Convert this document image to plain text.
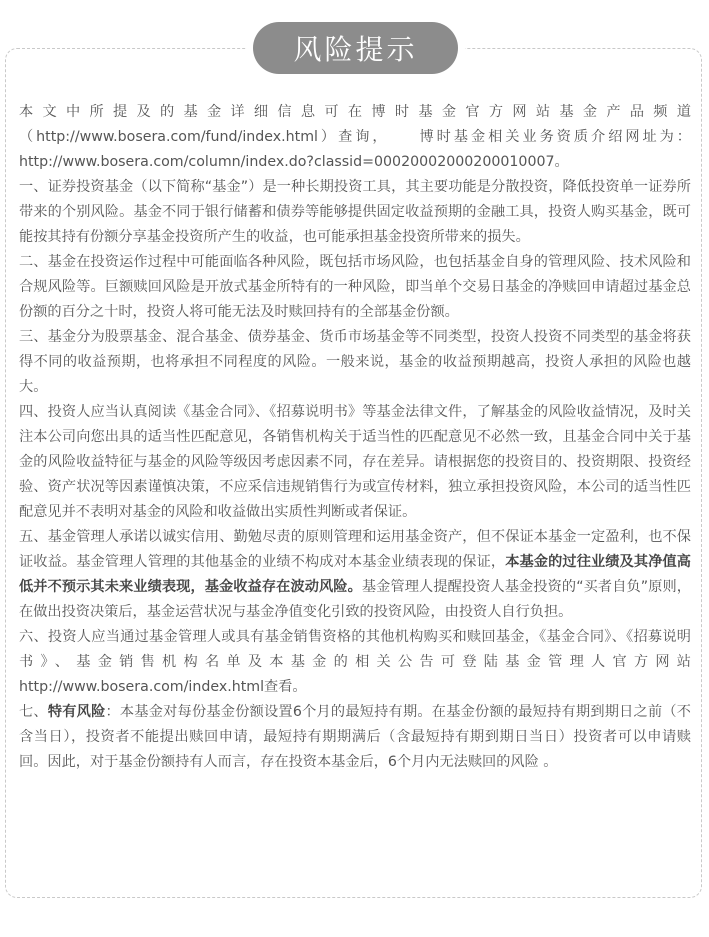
风险提示

本文中所提及的基金详细信息可在博时基金官方网站基金产品频道（http://www.bosera.com/fund/index.html）查询， 博时基金相关业务资质介绍网址为：http://www.bosera.com/column/index.do?classid=00020002000200010007。

一、证券投资基金（以下简称“基金”）是一种长期投资工具，其主要功能是分散投资，降低投资单一证券所带来的个别风险。基金不同于银行储蓄和债券等能够提供固定收益预期的金融工具，投资人购买基金，既可能按其持有份额分享基金投资所产生的收益，也可能承担基金投资所带来的损失。

二、基金在投资运作过程中可能面临各种风险，既包括市场风险，也包括基金自身的管理风险、技术风险和合规风险等。巨额赎回风险是开放式基金所特有的一种风险，即当单个交易日基金的净赎回申请超过基金总份额的百分之十时，投资人将可能无法及时赎回持有的全部基金份额。

三、基金分为股票基金、混合基金、债券基金、货币市场基金等不同类型，投资人投资不同类型的基金将获得不同的收益预期，也将承担不同程度的风险。一般来说，基金的收益预期越高，投资人承担的风险也越大。

四、投资人应当认真阅读《基金合同》、《招募说明书》等基金法律文件，了解基金的风险收益情况，及时关注本公司向您出具的适当性匹配意见，各销售机构关于适当性的匹配意见不必然一致，且基金合同中关于基金的风险收益特征与基金的风险等级因考虑因素不同，存在差异。请根据您的投资目的、投资期限、投资经验、资产状况等因素谨慎决策，不应采信违规销售行为或宣传材料，独立承担投资风险，本公司的适当性匹配意见并不表明对基金的风险和收益做出实质性判断或者保证。

五、基金管理人承诺以诚实信用、勤勉尽责的原则管理和运用基金资产，但不保证本基金一定盈利，也不保证收益。基金管理人管理的其他基金的业绩不构成对本基金业绩表现的保证，本基金的过往业绩及其净值高低并不预示其未来业绩表现，基金收益存在波动风险。基金管理人提醒投资人基金投资的“买者自负”原则，在做出投资决策后，基金运营状况与基金净值变化引致的投资风险，由投资人自行负担。

六、投资人应当通过基金管理人或具有基金销售资格的其他机构购买和赎回基金，《基金合同》、《招募说明书》、基金销售机构名单及本基金的相关公告可登陆基金管理人官方网站http://www.bosera.com/index.html查看。

七、特有风险：本基金对每份基金份额设置6个月的最短持有期。在基金份额的最短持有期到期日之前（不含当日），投资者不能提出赎回申请，最短持有期期满后（含最短持有期到期日当日）投资者可以申请赎回。因此，对于基金份额持有人而言，存在投资本基金后，6个月内无法赎回的风险 。
